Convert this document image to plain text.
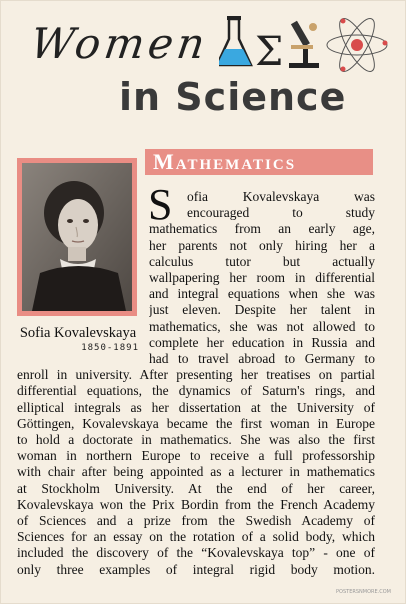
Women Σ
in Science
Mathematics
Sofia Kovalevskaya
1850-1891
S ofia Kovalevskaya was
encouraged to study
mathematics from an early age,
her parents not only hiring her a
calculus tutor but actually
wallpapering her room in differential
and integral equations when she was
just eleven. Despite her talent in
mathematics, she was not allowed to
complete her education in Russia and
had to travel abroad to Germany to
enroll in university. After presenting her treatises on partial
differential equations, the dynamics of Saturn's rings, and
elliptical integrals as her dissertation at the University of
Göttingen, Kovalevskaya became the first woman in Europe
to hold a doctorate in mathematics. She was also the first
woman in northern Europe to receive a full professorship
with chair after being appointed as a lecturer in mathematics
at Stockholm University. At the end of her career,
Kovalevskaya won the Prix Bordin from the French Academy
of Sciences and a prize from the Swedish Academy of
Sciences for an essay on the rotation of a solid body, which
included the discovery of the “Kovalevskaya top” - one of
only three examples of integral rigid body motion.
POSTERSNMORE.COM
